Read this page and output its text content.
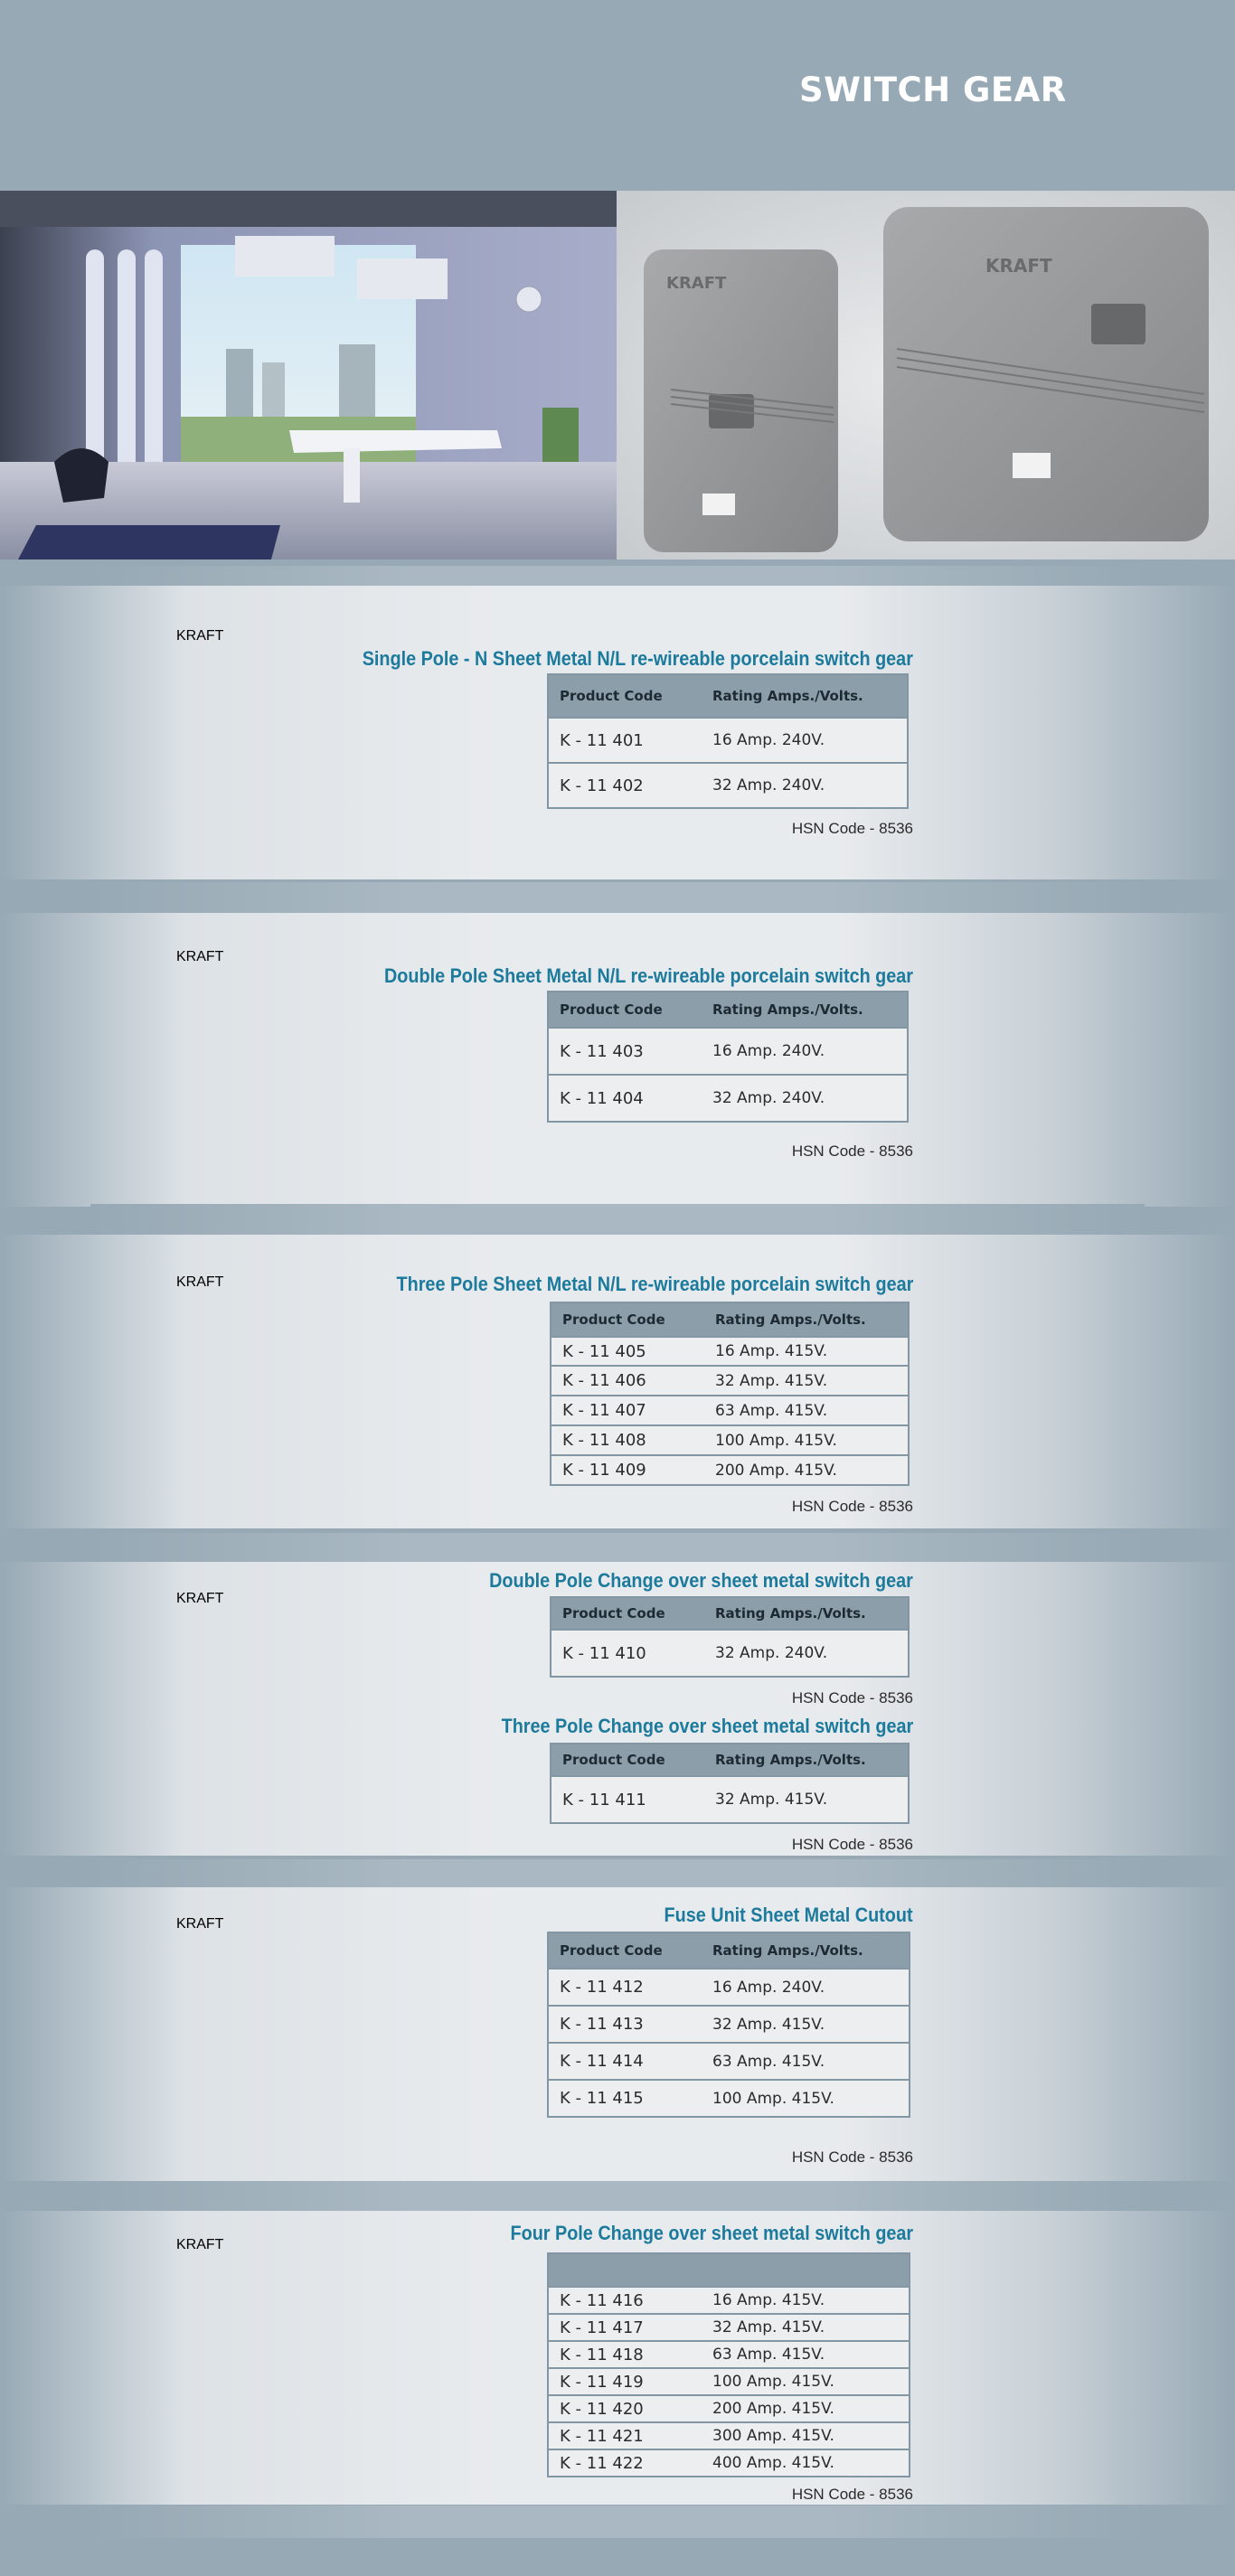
SWITCH GEAR
KRAFT
KRAFT
KRAFT
Single Pole - N Sheet Metal N/L re-wireable porcelain switch gear
Product Code	Rating Amps./Volts.
K - 11 401	16 Amp. 240V.
K - 11 402	32 Amp. 240V.
HSN Code - 8536
KRAFT
Double Pole Sheet Metal N/L re-wireable porcelain switch gear
Product Code	Rating Amps./Volts.
K - 11 403	16 Amp. 240V.
K - 11 404	32 Amp. 240V.
HSN Code - 8536
KRAFT	Three Pole Sheet Metal N/L re-wireable porcelain switch gear
Product Code	Rating Amps./Volts.
K - 11 405	16 Amp. 415V.
K - 11 406	32 Amp. 415V.
K - 11 407	63 Amp. 415V.
K - 11 408	100 Amp. 415V.
K - 11 409	200 Amp. 415V.
HSN Code - 8536
KRAFT
Double Pole Change over sheet metal switch gear
Product Code	Rating Amps./Volts.
K - 11 410	32 Amp. 240V.
HSN Code - 8536
Three Pole Change over sheet metal switch gear
Product Code	Rating Amps./Volts.
K - 11 411	32 Amp. 415V.
HSN Code - 8536
KRAFT	Fuse Unit Sheet Metal Cutout
Product Code	Rating Amps./Volts.
K - 11 412	16 Amp. 240V.
K - 11 413	32 Amp. 415V.
K - 11 414	63 Amp. 415V.
K - 11 415	100 Amp. 415V.
HSN Code - 8536
KRAFT
Four Pole Change over sheet metal switch gear

K - 11 416	16 Amp. 415V.
K - 11 417	32 Amp. 415V.
K - 11 418	63 Amp. 415V.
K - 11 419	100 Amp. 415V.
K - 11 420	200 Amp. 415V.
K - 11 421	300 Amp. 415V.
K - 11 422	400 Amp. 415V.
HSN Code - 8536
